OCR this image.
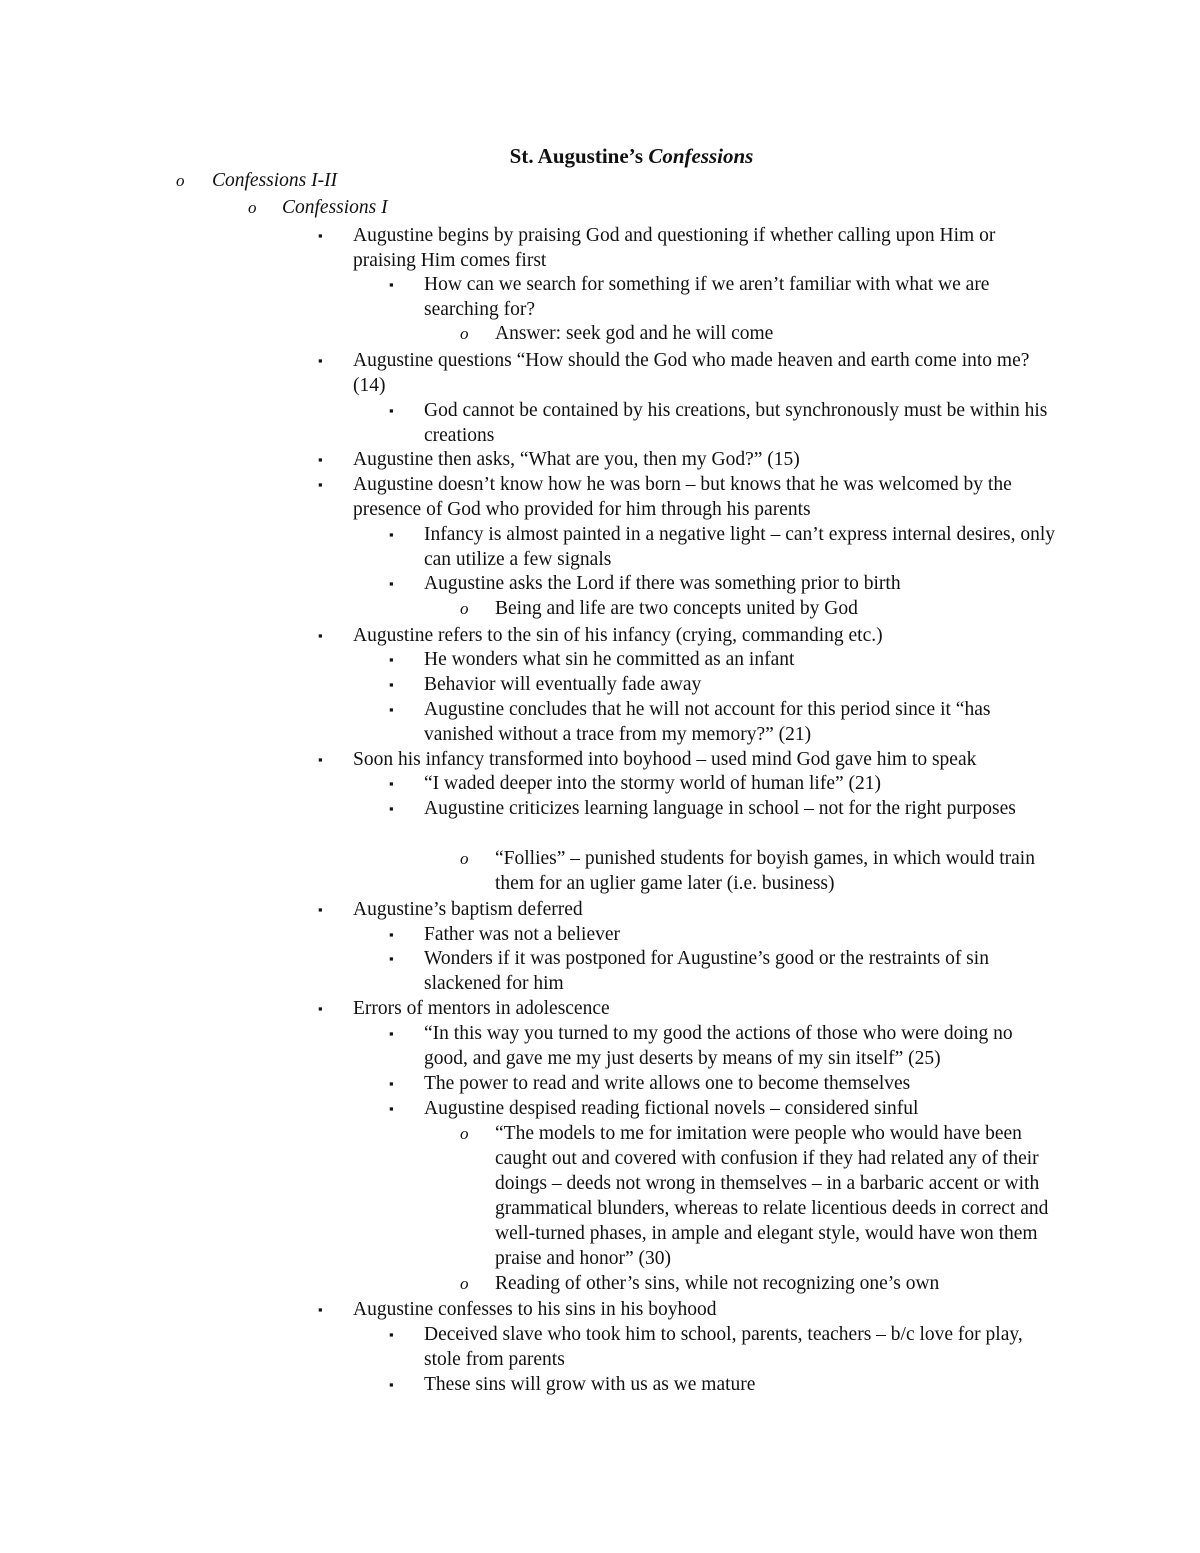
St. Augustine’s Confessions
o Confessions I-II
o Confessions I
▪ Augustine begins by praising God and questioning if whether calling upon Him or praising Him comes first
▪ How can we search for something if we aren’t familiar with what we are searching for?
o Answer: seek god and he will come
▪ Augustine questions “How should the God who made heaven and earth come into me? (14)
▪ God cannot be contained by his creations, but synchronously must be within his creations
▪ Augustine then asks, “What are you, then my God?” (15)
▪ Augustine doesn’t know how he was born – but knows that he was welcomed by the presence of God who provided for him through his parents
▪ Infancy is almost painted in a negative light – can’t express internal desires, only can utilize a few signals
▪ Augustine asks the Lord if there was something prior to birth
o Being and life are two concepts united by God
▪ Augustine refers to the sin of his infancy (crying, commanding etc.)
▪ He wonders what sin he committed as an infant
▪ Behavior will eventually fade away
▪ Augustine concludes that he will not account for this period since it “has vanished without a trace from my memory?” (21)
▪ Soon his infancy transformed into boyhood – used mind God gave him to speak
▪ “I waded deeper into the stormy world of human life” (21)
▪ Augustine criticizes learning language in school – not for the right purposes
o “Follies” – punished students for boyish games, in which would train them for an uglier game later (i.e. business)
▪ Augustine’s baptism deferred
▪ Father was not a believer
▪ Wonders if it was postponed for Augustine’s good or the restraints of sin slackened for him
▪ Errors of mentors in adolescence
▪ “In this way you turned to my good the actions of those who were doing no good, and gave me my just deserts by means of my sin itself” (25)
▪ The power to read and write allows one to become themselves
▪ Augustine despised reading fictional novels – considered sinful
o “The models to me for imitation were people who would have been caught out and covered with confusion if they had related any of their doings – deeds not wrong in themselves – in a barbaric accent or with grammatical blunders, whereas to relate licentious deeds in correct and well-turned phases, in ample and elegant style, would have won them praise and honor” (30)
o Reading of other’s sins, while not recognizing one’s own
▪ Augustine confesses to his sins in his boyhood
▪ Deceived slave who took him to school, parents, teachers – b/c love for play, stole from parents
▪ These sins will grow with us as we mature
